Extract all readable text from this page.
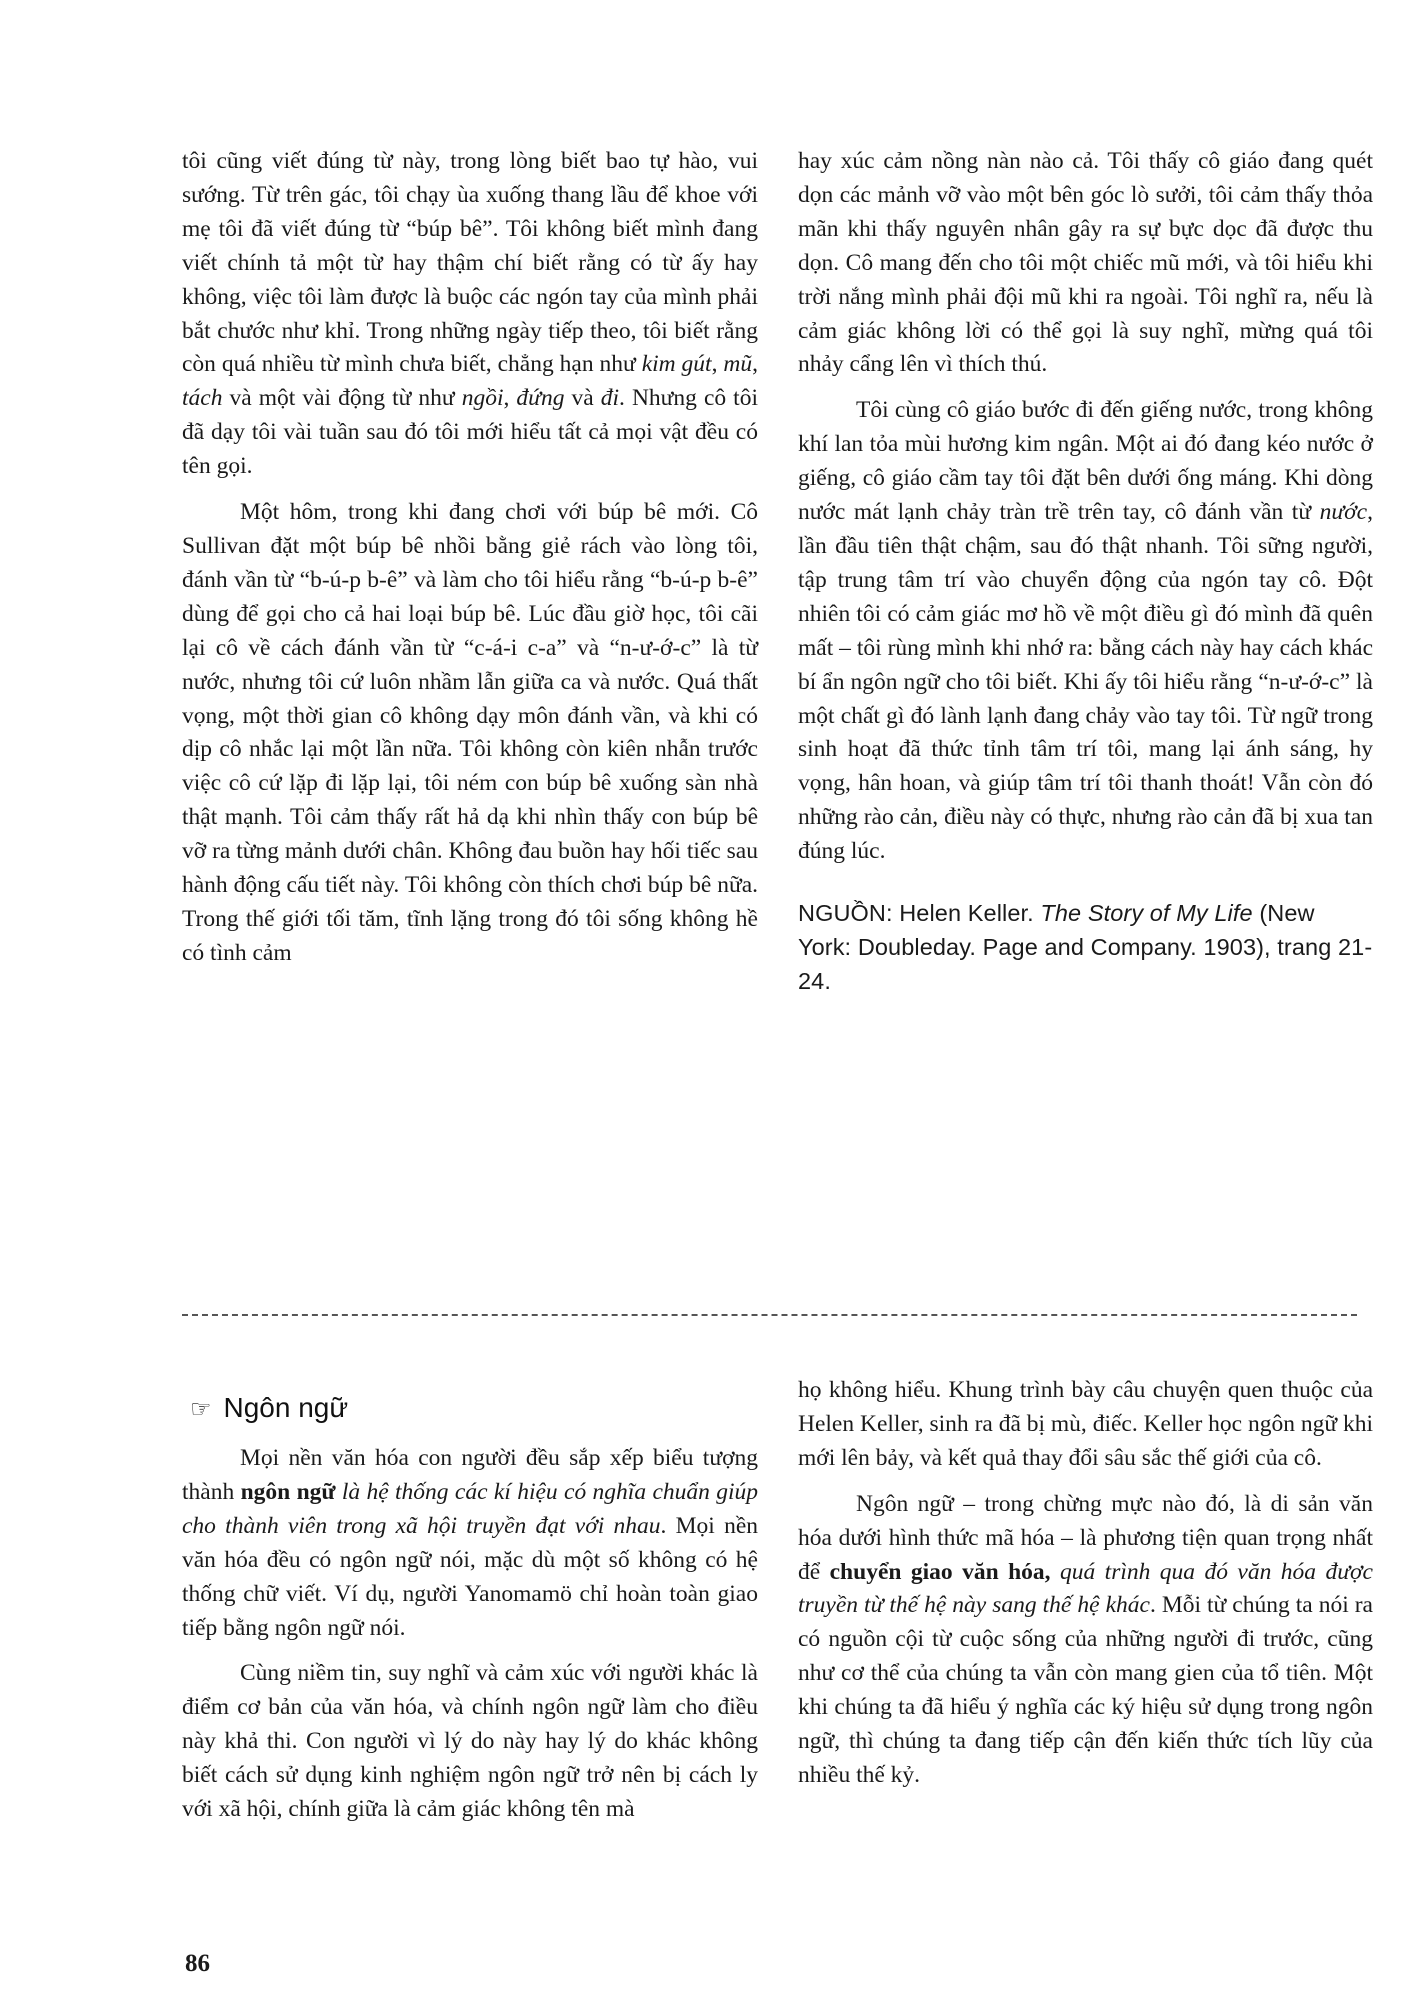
tôi cũng viết đúng từ này, trong lòng biết bao tự hào, vui sướng. Từ trên gác, tôi chạy ùa xuống thang lầu để khoe với mẹ tôi đã viết đúng từ “búp bê”. Tôi không biết mình đang viết chính tả một từ hay thậm chí biết rằng có từ ấy hay không, việc tôi làm được là buộc các ngón tay của mình phải bắt chước như khỉ. Trong những ngày tiếp theo, tôi biết rằng còn quá nhiều từ mình chưa biết, chẳng hạn như kim gút, mũ, tách và một vài động từ như ngồi, đứng và đi. Nhưng cô tôi đã dạy tôi vài tuần sau đó tôi mới hiểu tất cả mọi vật đều có tên gọi.

Một hôm, trong khi đang chơi với búp bê mới. Cô Sullivan đặt một búp bê nhồi bằng giẻ rách vào lòng tôi, đánh vần từ “b-ú-p b-ê” và làm cho tôi hiểu rằng “b-ú-p b-ê” dùng để gọi cho cả hai loại búp bê. Lúc đầu giờ học, tôi cãi lại cô về cách đánh vần từ “c-á-i c-a” và “n-ư-ớ-c” là từ nước, nhưng tôi cứ luôn nhầm lẫn giữa ca và nước. Quá thất vọng, một thời gian cô không dạy môn đánh vần, và khi có dịp cô nhắc lại một lần nữa. Tôi không còn kiên nhẫn trước việc cô cứ lặp đi lặp lại, tôi ném con búp bê xuống sàn nhà thật mạnh. Tôi cảm thấy rất hả dạ khi nhìn thấy con búp bê vỡ ra từng mảnh dưới chân. Không đau buồn hay hối tiếc sau hành động cấu tiết này. Tôi không còn thích chơi búp bê nữa. Trong thế giới tối tăm, tĩnh lặng trong đó tôi sống không hề có tình cảm

hay xúc cảm nồng nàn nào cả. Tôi thấy cô giáo đang quét dọn các mảnh vỡ vào một bên góc lò sưởi, tôi cảm thấy thỏa mãn khi thấy nguyên nhân gây ra sự bực dọc đã được thu dọn. Cô mang đến cho tôi một chiếc mũ mới, và tôi hiểu khi trời nắng mình phải đội mũ khi ra ngoài. Tôi nghĩ ra, nếu là cảm giác không lời có thể gọi là suy nghĩ, mừng quá tôi nhảy cẩng lên vì thích thú.

Tôi cùng cô giáo bước đi đến giếng nước, trong không khí lan tỏa mùi hương kim ngân. Một ai đó đang kéo nước ở giếng, cô giáo cầm tay tôi đặt bên dưới ống máng. Khi dòng nước mát lạnh chảy tràn trề trên tay, cô đánh vần từ nước, lần đầu tiên thật chậm, sau đó thật nhanh. Tôi sững người, tập trung tâm trí vào chuyển động của ngón tay cô. Đột nhiên tôi có cảm giác mơ hồ về một điều gì đó mình đã quên mất – tôi rùng mình khi nhớ ra: bằng cách này hay cách khác bí ẩn ngôn ngữ cho tôi biết. Khi ấy tôi hiểu rằng “n-ư-ớ-c” là một chất gì đó lành lạnh đang chảy vào tay tôi. Từ ngữ trong sinh hoạt đã thức tỉnh tâm trí tôi, mang lại ánh sáng, hy vọng, hân hoan, và giúp tâm trí tôi thanh thoát! Vẫn còn đó những rào cản, điều này có thực, nhưng rào cản đã bị xua tan đúng lúc.

NGUỒN: Helen Keller. The Story of My Life (New York: Doubleday. Page and Company. 1903), trang 21-24.

☞ Ngôn ngữ

Mọi nền văn hóa con người đều sắp xếp biểu tượng thành ngôn ngữ là hệ thống các kí hiệu có nghĩa chuẩn giúp cho thành viên trong xã hội truyền đạt với nhau. Mọi nền văn hóa đều có ngôn ngữ nói, mặc dù một số không có hệ thống chữ viết. Ví dụ, người Yanomamö chỉ hoàn toàn giao tiếp bằng ngôn ngữ nói.

Cùng niềm tin, suy nghĩ và cảm xúc với người khác là điểm cơ bản của văn hóa, và chính ngôn ngữ làm cho điều này khả thi. Con người vì lý do này hay lý do khác không biết cách sử dụng kinh nghiệm ngôn ngữ trở nên bị cách ly với xã hội, chính giữa là cảm giác không tên mà

họ không hiểu. Khung trình bày câu chuyện quen thuộc của Helen Keller, sinh ra đã bị mù, điếc. Keller học ngôn ngữ khi mới lên bảy, và kết quả thay đổi sâu sắc thế giới của cô.

Ngôn ngữ – trong chừng mực nào đó, là di sản văn hóa dưới hình thức mã hóa – là phương tiện quan trọng nhất để chuyển giao văn hóa, quá trình qua đó văn hóa được truyền từ thế hệ này sang thế hệ khác. Mỗi từ chúng ta nói ra có nguồn cội từ cuộc sống của những người đi trước, cũng như cơ thể của chúng ta vẫn còn mang gien của tổ tiên. Một khi chúng ta đã hiểu ý nghĩa các ký hiệu sử dụng trong ngôn ngữ, thì chúng ta đang tiếp cận đến kiến thức tích lũy của nhiều thế kỷ.

86
